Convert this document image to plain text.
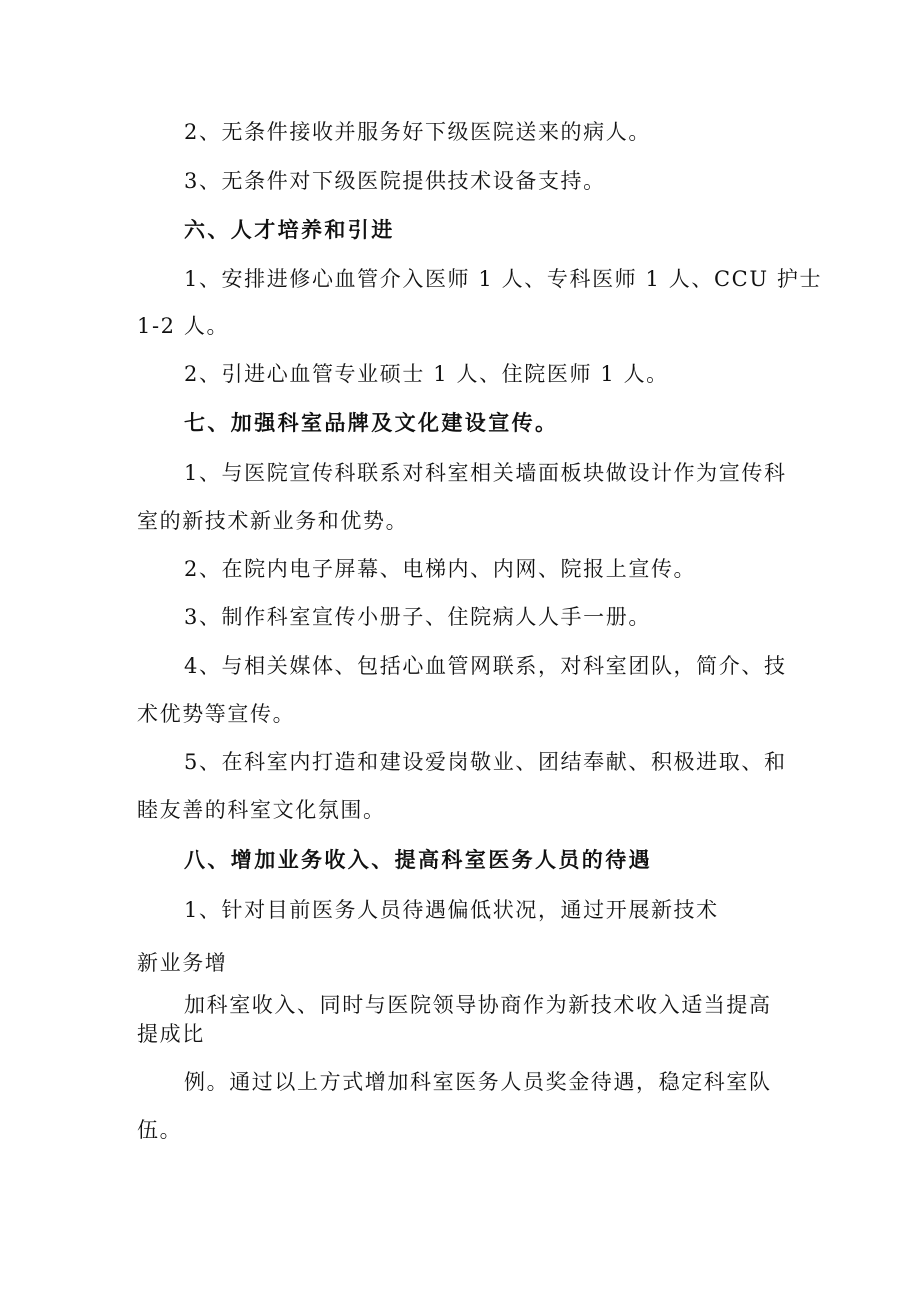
2、无条件接收并服务好下级医院送来的病人。
3、无条件对下级医院提供技术设备支持。
六、人才培养和引进
1、安排进修心血管介入医师 1 人、专科医师 1 人、CCU 护士
1-2 人。
2、引进心血管专业硕士 1 人、住院医师 1 人。
七、加强科室品牌及文化建设宣传。
1、与医院宣传科联系对科室相关墙面板块做设计作为宣传科
室的新技术新业务和优势。
2、在院内电子屏幕、电梯内、内网、院报上宣传。
3、制作科室宣传小册子、住院病人人手一册。
4、与相关媒体、包括心血管网联系，对科室团队，简介、技
术优势等宣传。
5、在科室内打造和建设爱岗敬业、团结奉献、积极进取、和
睦友善的科室文化氛围。
八、增加业务收入、提高科室医务人员的待遇
1、针对目前医务人员待遇偏低状况，通过开展新技术
新业务增
加科室收入、同时与医院领导协商作为新技术收入适当提高
提成比
例。通过以上方式增加科室医务人员奖金待遇，稳定科室队
伍。
